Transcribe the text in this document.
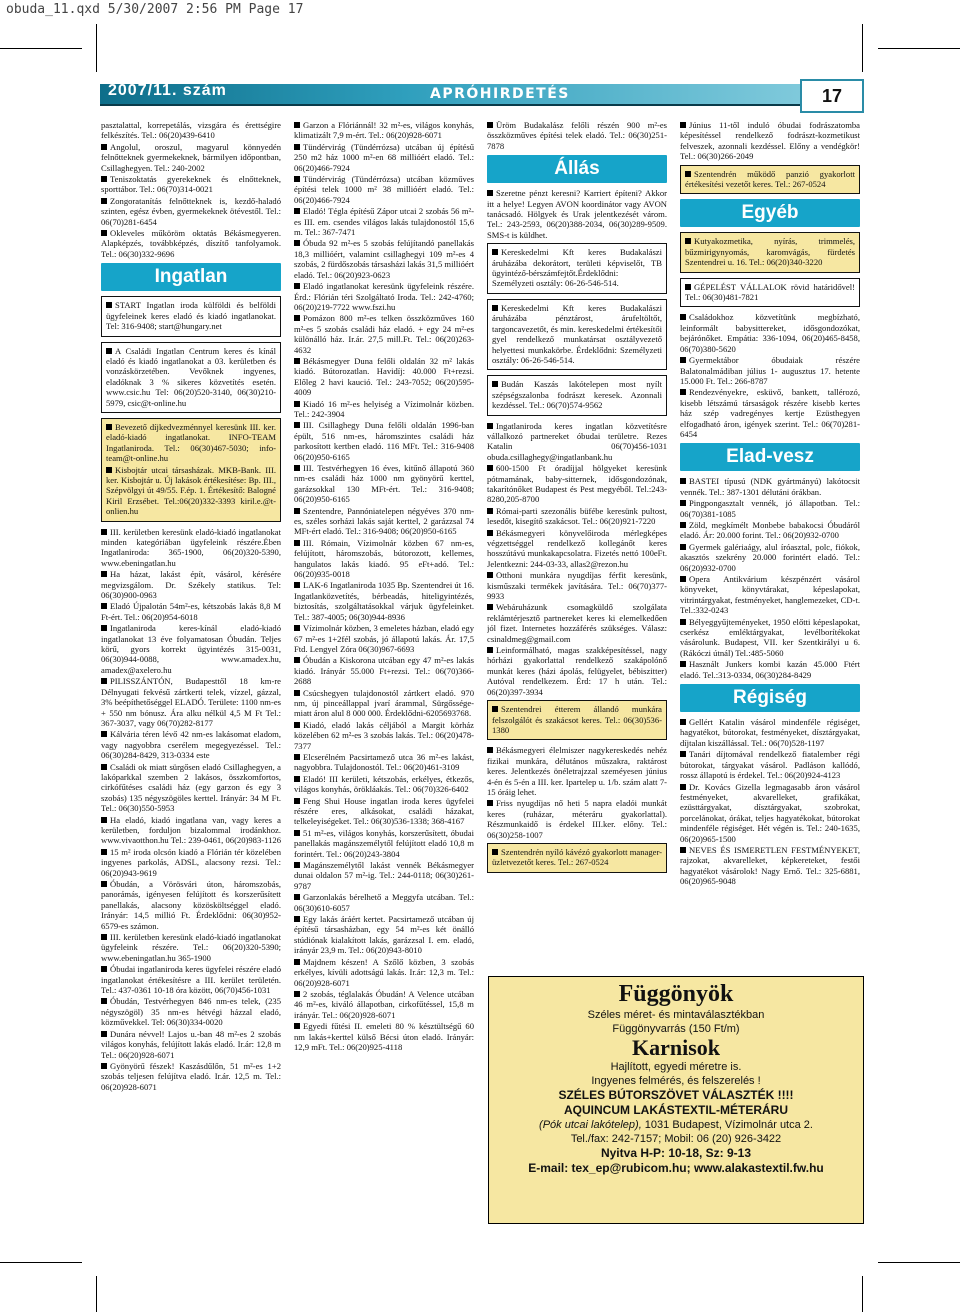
obuda_11.qxd 5/30/2007 2:56 PM Page 17
2007/11. szám	APRÓHIRDETÉS	17

pasztalattal, korrepetálás, vizsgára és érettségire felkészítés. Tel.: 06(20)439-6410

Angolul, oroszul, magyarul könnyedén felnőtteknek gyermekeknek, bármilyen időpontban, Csillaghegyen. Tel.: 240-2002

Teniszoktatás gyerekeknek és elnőtteknek, sporttábor. Tel.: 06(70)314-0021

Zongoratanítás felnőtteknek is, kezdő-haladó szinten, egész évben, gyermekeknek ötévestől. Tel.: 06(70)281-6454

Okleveles műköröm oktatás Békásmegyeren. Alapképzés, továbbképzés, díszítő tanfolyamok. Tel.: 06(30)332-9696

Ingatlan

START Ingatlan iroda külföldi és belföldi ügyfeleinek keres eladó és kiadó ingatlanokat. Tel: 316-9408; start@hungary.net

A Családi Ingatlan Centrum keres és kínál eladó és kiadó ingatlanokat a 03. kerületben és vonzáskörzetében. Vevőknek ingyenes, eladóknak 3 % sikeres közvetítés esetén. www.csic.hu Tel: 06(20)520-3140, 06(30)210-5979, csic@t-online.hu

Bevezető díjkedvezménnyel keresünk III. ker. eladó-kiadó ingatlanokat. INFO-TEAM Ingatlaniroda. Tel.: 06(30)467-5030; info-team@t-online.hu

Kisbojtár utcai társasházak. MKB-Bank. III. ker. Kisbojtár u. Új lakások értékesítése: Bp. III., Szépvölgyi út 49/55. F.ép. 1. Értékesítő: Balogné Kiril Erzsébet. Tel.:06(20)332-3393 kiril.e.@t-onlien.hu

III. kerületben keresünk eladó-kiadó ingatlanokat minden kategóriában ügyfeleink részére.Ében Ingatlaniroda: 365-1900, 06(20)320-5390, www.ebeningatlan.hu

Ha házat, lakást épít, vásárol, kérésére megvizsgálom. Dr. Székely statikus. Tel: 06(30)900-0963

Eladó Újpalotán 54m²-es, kétszobás lakás 8,8 M Ft-ért. Tel.: 06(20)954-6018

Ingatlaniroda keres-kínál eladó-kiadó ingatlanokat 13 éve folyamatosan Óbudán. Teljes körű, gyors korrekt ügyintézés 315-0031, 06(30)944-0088, www.amadex.hu, amadex@axelero.hu

PILISSZÁNTÓN, Budapesttől 18 km-re Délnyugati fekvésű zártkerti telek, vízzel, gázzal, 3% beépíthetőséggel ELADÓ. Területe: 1100 nm-es + 550 nm bónusz. Ára alku nélkül 4,5 M Ft Tel.: 367-3037, vagy 06(70)282-8177

Kálvária téren lévő 42 nm-es lakásomat eladom, vagy nagyobbra cserélem megegyezéssel. Tel.: 06(30)284-8429, 313-0334 este

Családi ok miatt sürgősen eladó Csillaghegyen, a lakóparkkal szemben 2 lakásos, összkomfortos, cirkófűtéses családi ház (egy garzon és egy 3 szobás) 135 négyszögöles kerttel. Irányár: 34 M Ft. Tel.: 06(30)550-5953

Ha eladó, kiadó ingatlana van, vagy keres a kerületben, forduljon bizalommal irodánkhoz. www.vivaotthon.hu Tel.: 239-0461, 06(20)983-1126

15 m² iroda olcsón kiadó a Flórián tér közelében ingyenes parkolás, ADSL, alacsony rezsi. Tel.: 06(20)943-9619

Óbudán, a Vörösvári úton, háromszobás, panorámás, igényesen felújított és korszerűsített panellakás, alacsony közösköltséggel eladó. Irányár: 14,5 millió Ft. Érdeklődni: 06(30)952-6579-es számon.

III. kerületben keresünk eladó-kiadó ingatlanokat ügyfeleink részére. Tel.: 06(20)320-5390; www.ebeningatlan.hu 365-1900

Óbudai ingatlaniroda keres ügyfelei részére eladó ingatlanokat értékesítésre a III. kerület területén. Tel.: 437-0361 10-18 óra között, 06(70)456-1031

Óbudán, Testvérhegyen 846 nm-es telek, (235 négyszögöl) 35 nm-es hétvégi házzal eladó, közművekkel. Tel: 06(30)334-0020

Dunára névvel! Lajos u.-ban 48 m²-es 2 szobás világos konyhás, felújított lakás eladó. Ir.ár: 12,8 m Tel.: 06(20)928-6071

Gyönyörű fészek! Kaszásdűlőn, 51 m²-es 1+2 szobás teljesen felújítva eladó. Ir.ár. 12,5 m. Tel.: 06(20)928-6071

Garzon a Flóriánnál! 32 m²-es, világos konyhás, klimatizált 7,9 m-ért. Tel.: 06(20)928-6071

Tündérvirág (Tündérrózsa) utcában új építésű 250 m2 ház 1000 m²-en 68 millióért eladó. Tel.: 06(20)466-7924

Tündérvirág (Tündérrózsa) utcában közműves építési telek 1000 m² 38 millióért eladó. Tel.: 06(20)466-7924

Eladó! Tégla építésű Zápor utcai 2 szobás 56 m²-es III. em. csendes világos lakás tulajdonostól 15,6 m. Tel.: 367-7471

Óbuda 92 m²-es 5 szobás felújítandó panellakás 18,3 millióért, valamint csillaghegyi 109 m²-es 4 szobás, 2 fürdőszobás társasházi lakás 31,5 millióért eladó. Tel.: 06(20)923-0623

Eladó ingatlanokat keresünk ügyfeleink részére. Érd.: Flórián téri Szolgáltató Iroda. Tel.: 242-4760; 06(20)219-7722 www.fszi.hu

Pomázon 800 m²-es telken összközműves 160 m²-es 5 szobás családi ház eladó. + egy 24 m²-es különálló ház. Ir.ár. 27,5 mill.Ft. Tel.: 06(20)263-4632

Békásmegyer Duna felőli oldalán 32 m² lakás kiadó. Bútorozatlan. Havidíj: 40.000 Ft+rezsi. Előleg 2 havi kaució. Tel.: 243-7052; 06(20)595-4009

Kiadó 16 m²-es helyiség a Vízimolnár közben. Tel.: 242-3904

III. Csillaghegy Duna felőli oldalán 1996-ban épült, 516 nm-es, háromszintes családi ház parkosított kertben eladó. 116 MFt. Tel.: 316-9408 06(20)950-6165

III. Testvérhegyen 16 éves, kitűnő állapotú 360 nm-es családi ház 1000 nm gyönyörű kerttel, garázsokkal 130 MFt-ért. Tel.: 316-9408; 06(20)950-6165

Szentendre, Pannóniatelepen négyéves 370 nm-es, széles sorházi lakás saját kerttel, 2 garázzsal 74 MFt-ért eladó. Tel.: 316-9408; 06(20)950-6165

III. Rómain, Vízimolnár közben 67 nm-es, felújított, háromszobás, bútorozott, kellemes, hangulatos lakás kiadó. 95 eFt+adó. Tel.: 06(20)935-0018

LAK-6 Ingatlaniroda 1035 Bp. Szentendrei út 16. Ingatlanközvetítés, bérbeadás, hiteligyintézés, biztosítás, szolgáltatásokkal várjuk ügyfeleinket. Tel.: 387-4005; 06(30)944-8936

Vízimolnár közben, 3 emeletes házban, eladó egy 67 m²-es 1+2fél szobás, jó állapotú lakás. Ár. 17,5 Ftd. Lengyel Zóra 06(30)967-6693

Óbudán a Kiskorona utcában egy 47 m²-es lakás kiadó. Irányár 55.000 Ft+rezsi. Tel.: 06(70)366-2688

Csúcshegyen tulajdonostól zártkert eladó. 970 nm, új pinceállappal jvarí árammal, Sürgőssége- miatt áron alul 8 000 000. Érdeklődni-6205693768.

Kiadó, eladó lakás céljából a Margit körház közelében 62 m²-es 3 szobás lakás. Tel.: 06(20)478-7377

Elcserélném Pacsirtamező utca 36 m²-es lakást, nagyobbra. Tulajdonostól. Tel.: 06(20)461-3109

Eladó! III kerületi, kétszobás, erkélyes, étkezős, világos konyhás, örökláakás. Tel.: 06(70)326-6402

Feng Shui House ingatlan iroda keres ügyfelei részére eres, alkásokat, családi házakat, telkeleyiségeket. Tel.: 06(30)536-1338; 368-4167

51 m²-es, világos konyhás, korszerűsített, óbudai panellakás magánszemélytől felújított eladó 10,8 m forintért. Tel.: 06(20)243-3804

Magánszemélytől lakást vennék Békásmegyer dunai oldalon 57 m²-ig. Tel.: 244-0118; 06(30)261-9787

Garzonlakás bérelhető a Meggyfa utcában. Tel.: 06(30)610-6057

Egy lakás áráért kertet. Pacsirtamező utcában új építésű társasházban, egy 54 m²-es két önálló stúdiónak kialakított lakás, garázzsal I. em. eladó, irányár 23,9 m. Tel.: 06(20)943-8010

Majdnem készen! A Szőlő közben, 3 szobás erkélyes, kívüli adottságú lakás. Ir.ár: 12,3 m. Tel.: 06(20)928-6071

2 szobás, téglalakás Óbudán! A Velence utcában 46 m²-es, kiváló állapotban, cirkofűtéssel, 15,8 m irányár. Tel.: 06(20)928-6071

Egyedi fűtési II. emeleti 80 % késztültségű 60 nm lakás+kerttel külső Bécsi úton eladó. Irányár: 12,9 mFt. Tel.: 06(20)925-4118

Üröm Budakalász felőli részén 900 m²-es összközműves építési telek eladó. Tel.: 06(30)251-7878

Állás

Szeretne pénzt keresni? Karriert építeni? Akkor itt a helye! Legyen AVON koordinátor vagy AVON tanácsadó. Hölgyek és Urak jelentkezését várom. Tel.: 243-2593, 06(20)388-2034, 06(30)289-9509. SMS-t is küldhet.

Kereskedelmi Kft keres Budakalászi áruházába dekorátort, területi képviselőt, TB ügyintéző-bérszámfejtőt.Érdeklődni: Személyzeti osztály: 06-26-546-514.

Kereskedelmi Kft keres Budakalászi áruházába pénztárost, árufeltöltőt, targoncavezetőt, és min. kereskedelmi értékesítői gyel rendelkező munkatársat osztályvezető helyettesi munkakörbe. Érdeklődni: Személyzeti osztály: 06-26-546-514.

Budán Kaszás lakótelepen most nyílt szépségszalonba fodrászt keresek. Azonnali kezdéssel. Tel.: 06(70)574-9562

Ingatlaniroda keres ingatlan közvetítésre vállalkozó partnereket óbudai területre. Rezes Katalin 06(70)456-1031 obuda.csillaghegy@ingatlanbank.hu

600-1500 Ft óradíjjal hölgyeket keresünk pótmamának, baby-sitternek, idősgondozónak, takarítónőket Budapest és Pest megyéből. Tel.:243-8280,205-8700

Római-parti szezonális büfébe keresünk pultost, lesedőt, kisegítő szakácsot. Tel.: 06(20)921-7220

Békásmegyeri könyvelőiroda mérlegképes végzettséggel rendelkező kollegánőt keres hosszútávú munkakapcsolatra. Fizetés nettó 100eFt. Jelentkezni: 244-03-33, allas2@rezon.hu

Otthoni munkára nyugdíjas férfit keresünk, kisműszaki termékek javítására. Tel.: 06(70)377-9933

Webáruházunk csomagküldő szolgálata reklámtérjesztő partnereket keres ki elemelkedően jól fizet. Internetes hozzáférés szükséges. Válasz: csinaldmeg@gmail.com

Leinformálható, magas szakképesítéssel, nagy hórházi gyakorlattal rendelkező szakápolónő munkát keres (házi ápolás, felügyelet, bébiszitter) Autóval rendelkezem. Érd: 17 h után. Tel.: 06(20)397-3934

Szentendrei étterem állandó munkára felszolgálót és szakácsot keres. Tel.: 06(30)536-1380

Békásmegyeri élelmiszer nagykereskedés nehéz fizikai munkára, délutános műszakra, raktárost keres. Jelentkezés önéletrajzzal szeméyesen június 4-én és 5-én a III. ker. Ipartelep u. 1/b. szám alatt 7-15 óráig lehet.

Friss nyugdíjas nő heti 5 napra eladói munkát keres (ruházar, méteráru gyakorlattal). Részmunkaidő is érdekel III.ker. előny. Tel.: 06(30)258-1007

Szentendrén nyíló kávézó gyakorlott manager-üzletvezetőt keres. Tel.: 267-0524

Június 11-től induló óbudai fodrászatomba képesítéssel rendelkező fodrászt-kozmetikust felveszek, azonnali kezdéssel. Előny a vendégkör! Tel.: 06(30)266-2049

Szentendrén működő panzió gyakorlott értékesítési vezetőt keres. Tel.: 267-0524

Egyéb

Kutyakozmetika, nyírás, trimmelés, bűzmirigynyomás, karomvágás, fürdetés Szentendrei u. 16. Tel.: 06(20)340-3220

GÉPELÉST VÁLLALOK rövid határidővel! Tel.: 06(30)481-7821

Családokhoz közvetítünk megbízható, leinformált babysittereket, idősgondozókat, bejárónőket. Empátia: 336-1094, 06(20)465-8458, 06(70)380-5620

Gyermektábor óbudaiak részére Balatonalmádiban július 1- augusztus 17. hetente 15.000 Ft. Tel.: 266-8787

Rendezvényekre, esküvő, bankett, tallérozó, kisebb létszámú társaságok részére kisebb kertes ház szép vadregényes kertje Ezüsthegyen elfogadható áron, igények szerint. Tel.: 06(70)281-6454

Elad-vesz

BASTEI típusú (NDK gyártmányú) lakótocsit vennék. Tel.: 387-1301 délutáni órákban.

Pingpongasztalt vennék, jó állapotban. Tel.: 06(70)381-1085

Zöld, megkímélt Monbebe babakocsi Óbudáról eladó. Ár: 20.000 forint. Tel.: 06(20)932-0700

Gyermek galériaágy, alul íróasztal, polc, fiókok, akasztós szekrény 20.000 forintért eladó. Tel.: 06(20)932-0700

Opera Antikvárium készpénzért vásárol könyveket, könyvtárakat, képeslapokat, vitrintárgyakat, festményeket, hanglemezeket, CD-t. Tel.:332-0243

Bélyeggyűjteményeket, 1950 előtti képeslapokat, cserkész emléktárgyakat, levélborítékokat vásárolunk. Budapest, VII. ker Szentkirályi u 6. (Rákóczi útnál) Tel.:485-5060

Használt Junkers kombi kazán 45.000 Ftért eladó. Tel.:313-0334, 06(30)284-8429

Régiség

Gellért Katalin vásárol mindenféle régiséget, hagyatékot, bútorokat, festményeket, dísztárgyakat, díjtalan kiszállással. Tel.: 06(70)528-1197

Tanári díjtomával rendelkező fiatalember régi bútorokat, tárgyakat vásárol. Padláson kallódó, rossz állapotú is érdekel. Tel.: 06(20)924-4123

Dr. Kovács Gizella legmagasabb áron vásárol festményeket, akvarelleket, grafikákat, ezüsttárgyakat, dísztárgyakat, szobrokat, porcelánokat, órákat, teljes hagyatékokat, bútorokat mindenféle régiséget. Hét végén is. Tel.: 240-1635, 06(20)965-1500

NEVES ÉS ISMERETLEN FESTMÉNYEKET, rajzokat, akvarelleket, képkereteket, festői hagyatékot vásárolok! Nagy Ernő. Tel.: 325-6881, 06(20)965-9048

Függönyök
Széles méret- és mintaválasztékban
Függönyvarrás (150 Ft/m)
Karnisok
Hajlított, egyedi méretre is.
Ingyenes felmérés, és felszerelés !
SZÉLES BÚTORSZÖVET VÁLASZTÉK !!!!
AQUINCUM LAKÁSTEXTIL-MÉTERÁRU
(Pók utcai lakótelep), 1031 Budapest, Vízimolnár utca 2.
Tel./fax: 242-7157; Mobil: 06 (20) 926-3422
Nyitva H-P: 10-18, Sz: 9-13
E-mail: tex_ep@rubicom.hu; www.alakastextil.fw.hu
